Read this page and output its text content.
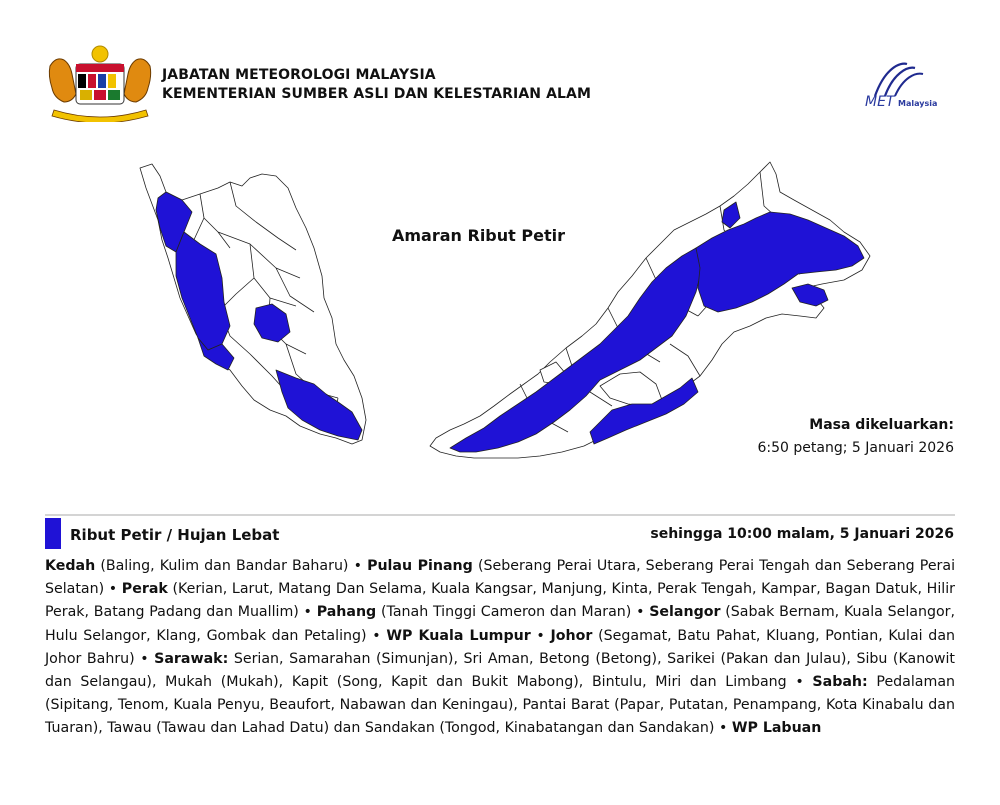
JABATAN METEOROLOGI MALAYSIA
KEMENTERIAN SUMBER ASLI DAN KELESTARIAN ALAM	MET Malaysia
Amaran Ribut Petir
Masa dikeluarkan:
6:50 petang; 5 Januari 2026
Ribut Petir / Hujan Lebat	sehingga 10:00 malam, 5 Januari 2026
Kedah (Baling, Kulim dan Bandar Baharu) • Pulau Pinang (Seberang Perai Utara, Seberang Perai Tengah dan Seberang Perai Selatan) • Perak (Kerian, Larut, Matang Dan Selama, Kuala Kangsar, Manjung, Kinta, Perak Tengah, Kampar, Bagan Datuk, Hilir Perak, Batang Padang dan Muallim) • Pahang (Tanah Tinggi Cameron dan Maran) • Selangor (Sabak Bernam, Kuala Selangor, Hulu Selangor, Klang, Gombak dan Petaling) • WP Kuala Lumpur • Johor (Segamat, Batu Pahat, Kluang, Pontian, Kulai dan Johor Bahru) • Sarawak: Serian, Samarahan (Simunjan), Sri Aman, Betong (Betong), Sarikei (Pakan dan Julau), Sibu (Kanowit dan Selangau), Mukah (Mukah), Kapit (Song, Kapit dan Bukit Mabong), Bintulu, Miri dan Limbang • Sabah: Pedalaman (Sipitang, Tenom, Kuala Penyu, Beaufort, Nabawan dan Keningau), Pantai Barat (Papar, Putatan, Penampang, Kota Kinabalu dan Tuaran), Tawau (Tawau dan Lahad Datu) dan Sandakan (Tongod, Kinabatangan dan Sandakan) • WP Labuan
